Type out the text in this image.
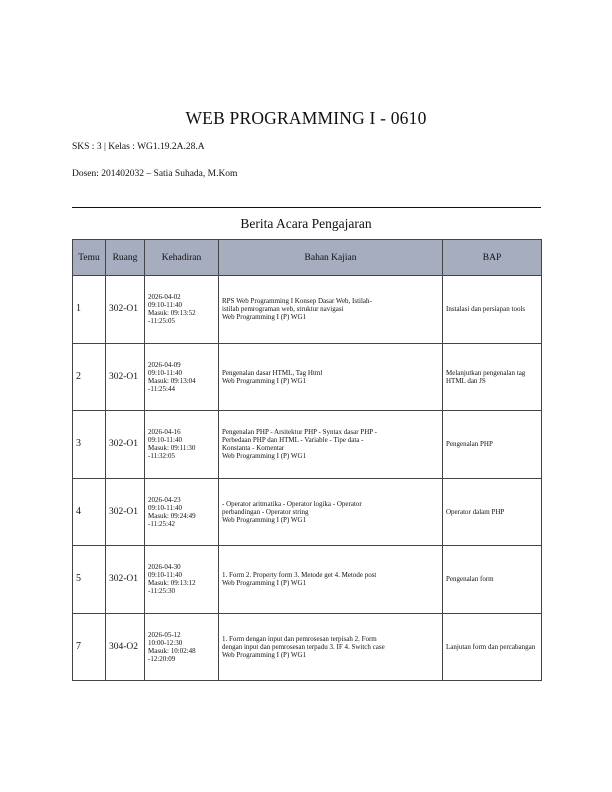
WEB PROGRAMMING I - 0610
SKS : 3 | Kelas : WG1.19.2A.28.A
Dosen: 201402032 – Satia Suhada, M.Kom
Berita Acara Pengajaran
Temu	Ruang	Kehadiran	Bahan Kajian	BAP
1	302-O1	2026-04-02
09:10-11:40
Masuk: 09:13:52
-11:25:05	RPS Web Programming I Konsep Dasar Web, Istilah-
istilah pemrograman web, struktur navigasi
Web Programming I (P) WG1	Instalasi dan persiapan tools
2	302-O1	2026-04-09
09:10-11:40
Masuk: 09:13:04
-11:25:44	Pengenalan dasar HTML, Tag Html
Web Programming I (P) WG1	Melanjutkan pengenalan tag HTML dan JS
3	302-O1	2026-04-16
09:10-11:40
Masuk: 09:11:30
-11:32:05	Pengenalan PHP - Arsitektur PHP - Syntax dasar PHP -
Perbedaan PHP dan HTML - Variable - Tipe data -
Konstanta - Komentar
Web Programming I (P) WG1	Pengenalan PHP
4	302-O1	2026-04-23
09:10-11:40
Masuk: 09:24:49
-11:25:42	- Operator aritmatika - Operator logika - Operator
perbandingan - Operator string
Web Programming I (P) WG1	Operator dalam PHP
5	302-O1	2026-04-30
09:10-11:40
Masuk: 09:13:12
-11:25:30	1. Form 2. Property form 3. Metode get 4. Metode post
Web Programming I (P) WG1	Pengenalan form
7	304-O2	2026-05-12
10:00-12:30
Masuk: 10:02:48
-12:20:09	1. Form dengan input dan pemrosesan terpisah 2. Form
dengan input dan pemrosesan terpadu 3. IF 4. Switch case
Web Programming I (P) WG1	Lanjutan form dan percabangan
